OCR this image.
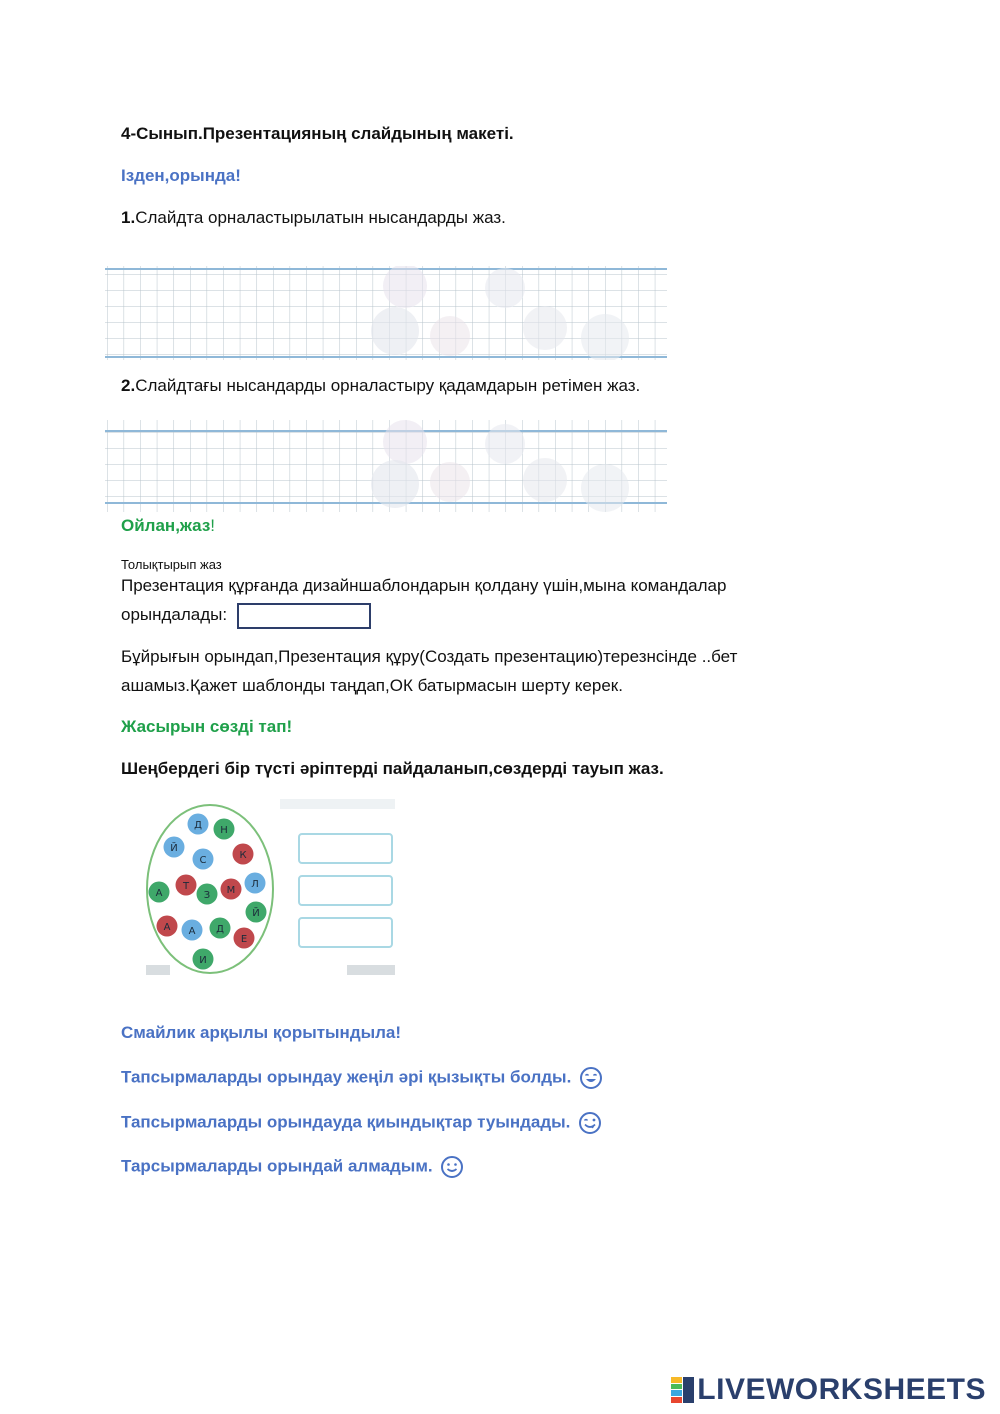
4-Сынып.Презентацияның слайдының макеті.
Ізден,орында!
1.Слайдта орналастырылатын нысандарды жаз.
2.Слайдтағы нысандарды орналастыру қадамдарын ретімен жаз.
Ойлан,жаз!
Толықтырып жаз
Презентация құрғанда дизайншаблондарын қолдану үшін,мына командалар
орындалады:
Бұйрығын орындап,Презентация құру(Создать презентацию)терезнсінде ..бет
ашамыз.Қажет шаблонды таңдап,ОК батырмасын шерту керек.
Жасырын сөзді тап!
Шеңбердегі бір түсті әріптерді пайдаланып,сөздерді тауып жаз.
Д Н
Й
С	К
А
Т
З М
Л
Й
А А Д
Е
И
Смайлик арқылы қорытындыла!
Тапсырмаларды орындау жеңіл әрі қызықты болды.
Тапсырмаларды орындауда қиындықтар туындады.
Тарсырмаларды орындай алмадым.
LIVEWORKSHEETS
